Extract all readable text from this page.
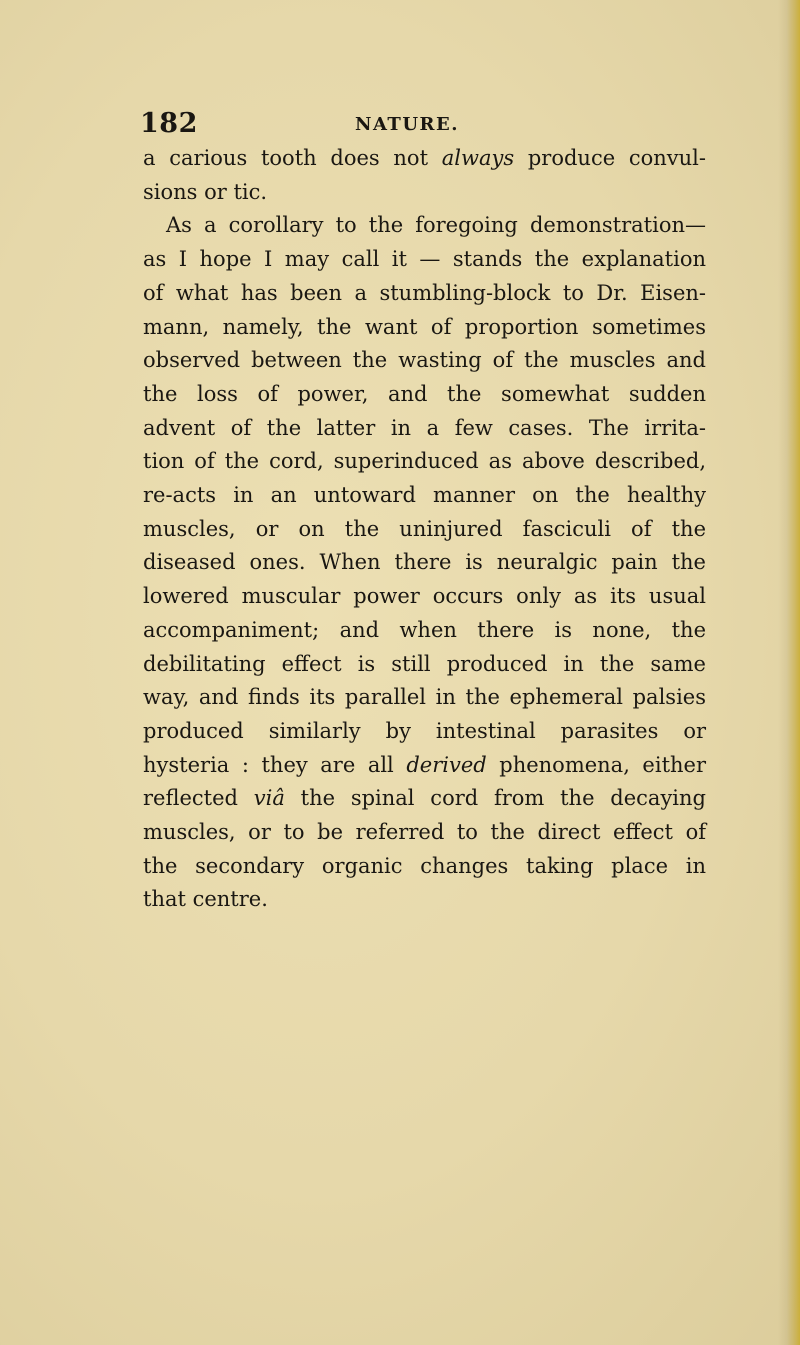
182	NATURE.
a carious tooth does not always produce convul-
sions or tic.
As a corollary to the foregoing demonstration—
as I hope I may call it — stands the explanation
of what has been a stumbling-block to Dr. Eisen-
mann, namely, the want of proportion sometimes
observed between the wasting of the muscles and
the loss of power, and the somewhat sudden
advent of the latter in a few cases. The irrita-
tion of the cord, superinduced as above described,
re-acts in an untoward manner on the healthy
muscles, or on the uninjured fasciculi of the
diseased ones. When there is neuralgic pain the
lowered muscular power occurs only as its usual
accompaniment; and when there is none, the
debilitating effect is still produced in the same
way, and finds its parallel in the ephemeral palsies
produced similarly by intestinal parasites or
hysteria : they are all derived phenomena, either
reflected viâ the spinal cord from the decaying
muscles, or to be referred to the direct effect of
the secondary organic changes taking place in
that centre.
